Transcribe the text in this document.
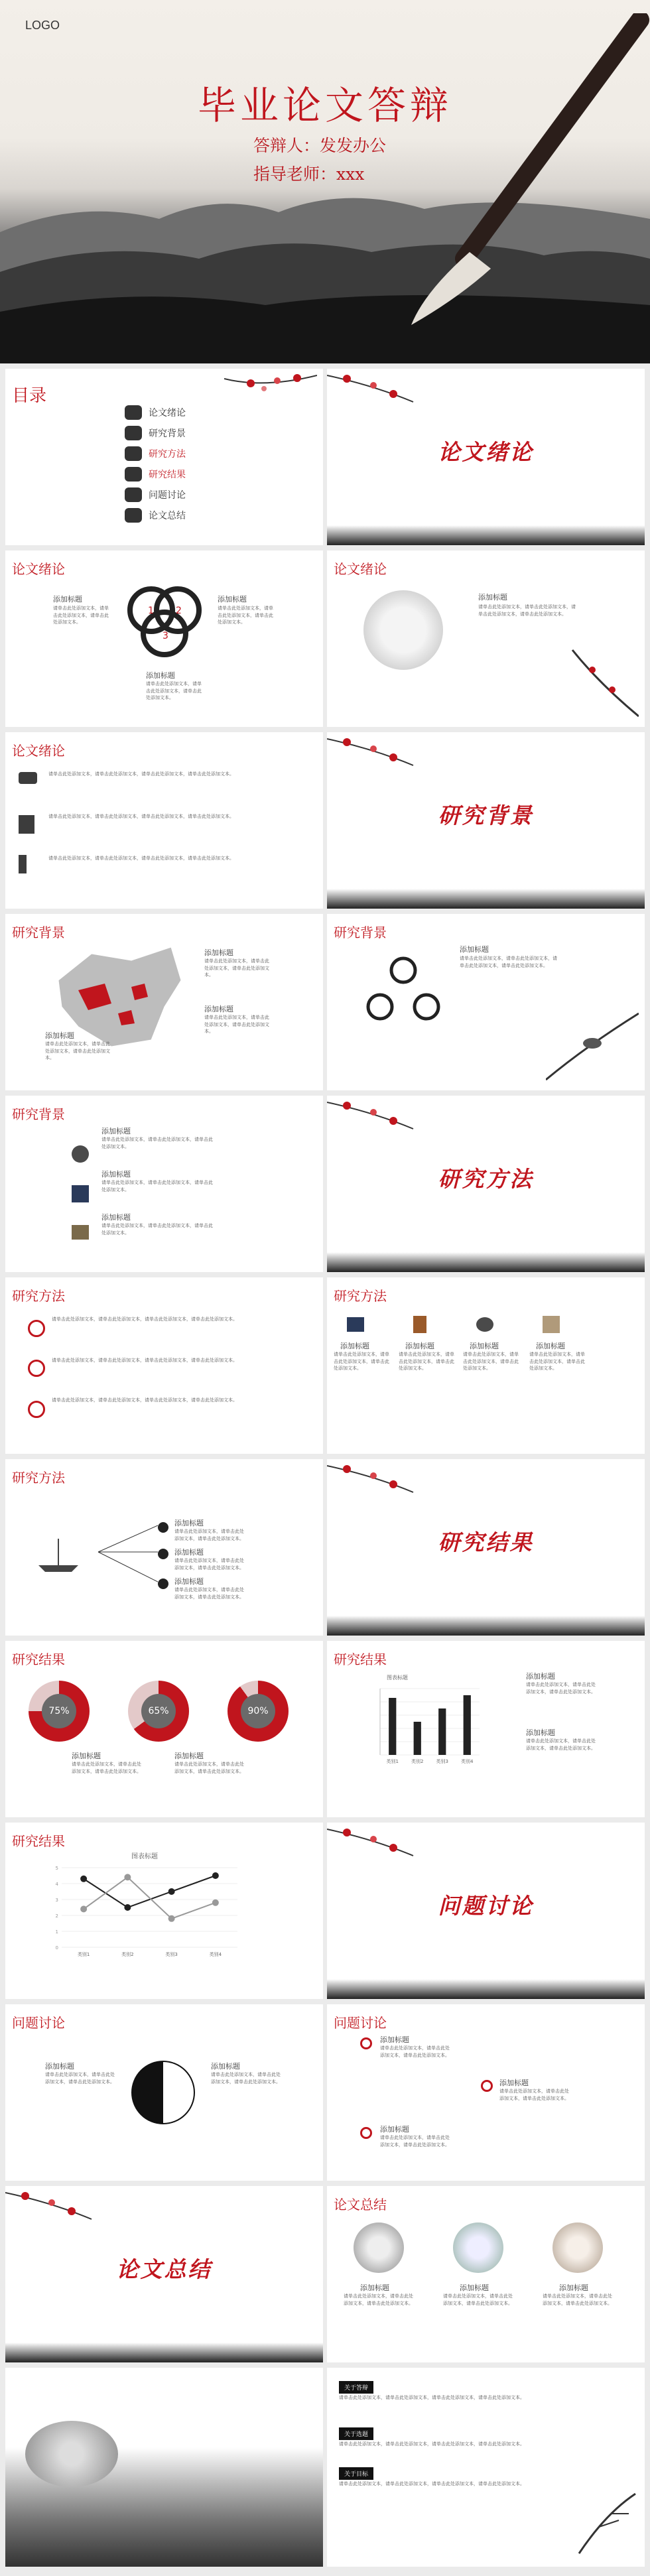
LOGO
毕业论文答辩
答辩人：发发办公
指导老师：xxx
目录
论文绪论
研究背景
研究方法
研究结果
问题讨论
论文总结
论文绪论
论文绪论
1 2
3
添加标题
请单击此处添加文本，请单击此处添加文本，请单击此处添加文本。
添加标题
请单击此处添加文本，请单击此处添加文本，请单击此处添加文本。
添加标题
请单击此处添加文本，请单击此处添加文本，请单击此处添加文本。
论文绪论
添加标题
请单击此处添加文本，请单击此处添加文本，请单击此处添加文本，请单击此处添加文本。
论文绪论
请单击此处添加文本，请单击此处添加文本，请单击此处添加文本，请单击此处添加文本。
请单击此处添加文本，请单击此处添加文本，请单击此处添加文本，请单击此处添加文本。
请单击此处添加文本，请单击此处添加文本，请单击此处添加文本，请单击此处添加文本。
研究背景
研究背景
添加标题
请单击此处添加文本，请单击此处添加文本，请单击此处添加文本。
添加标题
请单击此处添加文本，请单击此处添加文本，请单击此处添加文本。
添加标题
请单击此处添加文本，请单击此处添加文本，请单击此处添加文本。
研究背景
添加标题
请单击此处添加文本，请单击此处添加文本，请单击此处添加文本，请单击此处添加文本。
研究背景
添加标题
请单击此处添加文本，请单击此处添加文本，请单击此处添加文本。
添加标题
请单击此处添加文本，请单击此处添加文本，请单击此处添加文本。
添加标题
请单击此处添加文本，请单击此处添加文本，请单击此处添加文本。
研究方法
研究方法
请单击此处添加文本，请单击此处添加文本，请单击此处添加文本，请单击此处添加文本。
请单击此处添加文本，请单击此处添加文本，请单击此处添加文本，请单击此处添加文本。
请单击此处添加文本，请单击此处添加文本，请单击此处添加文本，请单击此处添加文本。
研究方法
添加标题
请单击此处添加文本，请单击此处添加文本，请单击此处添加文本。
添加标题
请单击此处添加文本，请单击此处添加文本，请单击此处添加文本。
添加标题
请单击此处添加文本，请单击此处添加文本，请单击此处添加文本。
添加标题
请单击此处添加文本，请单击此处添加文本，请单击此处添加文本。
研究方法
添加标题
请单击此处添加文本，请单击此处添加文本，请单击此处添加文本。
添加标题
请单击此处添加文本，请单击此处添加文本，请单击此处添加文本。
添加标题
请单击此处添加文本，请单击此处添加文本，请单击此处添加文本。
研究结果
研究结果
75%	65%	90%
添加标题
请单击此处添加文本，请单击此处添加文本，请单击此处添加文本。
添加标题
请单击此处添加文本，请单击此处添加文本，请单击此处添加文本。
研究结果
图表标题
类别1	类别2	类别3	类别4
添加标题
请单击此处添加文本，请单击此处添加文本，请单击此处添加文本。
添加标题
请单击此处添加文本，请单击此处添加文本，请单击此处添加文本。
研究结果
图表标题
0
1
2
3
4
5
类别1	类别2	类别3	类别4
问题讨论
问题讨论
添加标题
请单击此处添加文本，请单击此处添加文本，请单击此处添加文本。
添加标题
请单击此处添加文本，请单击此处添加文本，请单击此处添加文本。
问题讨论
添加标题
请单击此处添加文本，请单击此处添加文本，请单击此处添加文本。
添加标题
请单击此处添加文本，请单击此处添加文本，请单击此处添加文本。
添加标题
请单击此处添加文本，请单击此处添加文本，请单击此处添加文本。
论文总结
论文总结
添加标题
请单击此处添加文本，请单击此处添加文本，请单击此处添加文本。
添加标题
请单击此处添加文本，请单击此处添加文本，请单击此处添加文本。
添加标题
请单击此处添加文本，请单击此处添加文本，请单击此处添加文本。
关于答辩
请单击此处添加文本，请单击此处添加文本，请单击此处添加文本，请单击此处添加文本。
关于选题
请单击此处添加文本，请单击此处添加文本，请单击此处添加文本，请单击此处添加文本。
关于目标
请单击此处添加文本，请单击此处添加文本，请单击此处添加文本，请单击此处添加文本。
